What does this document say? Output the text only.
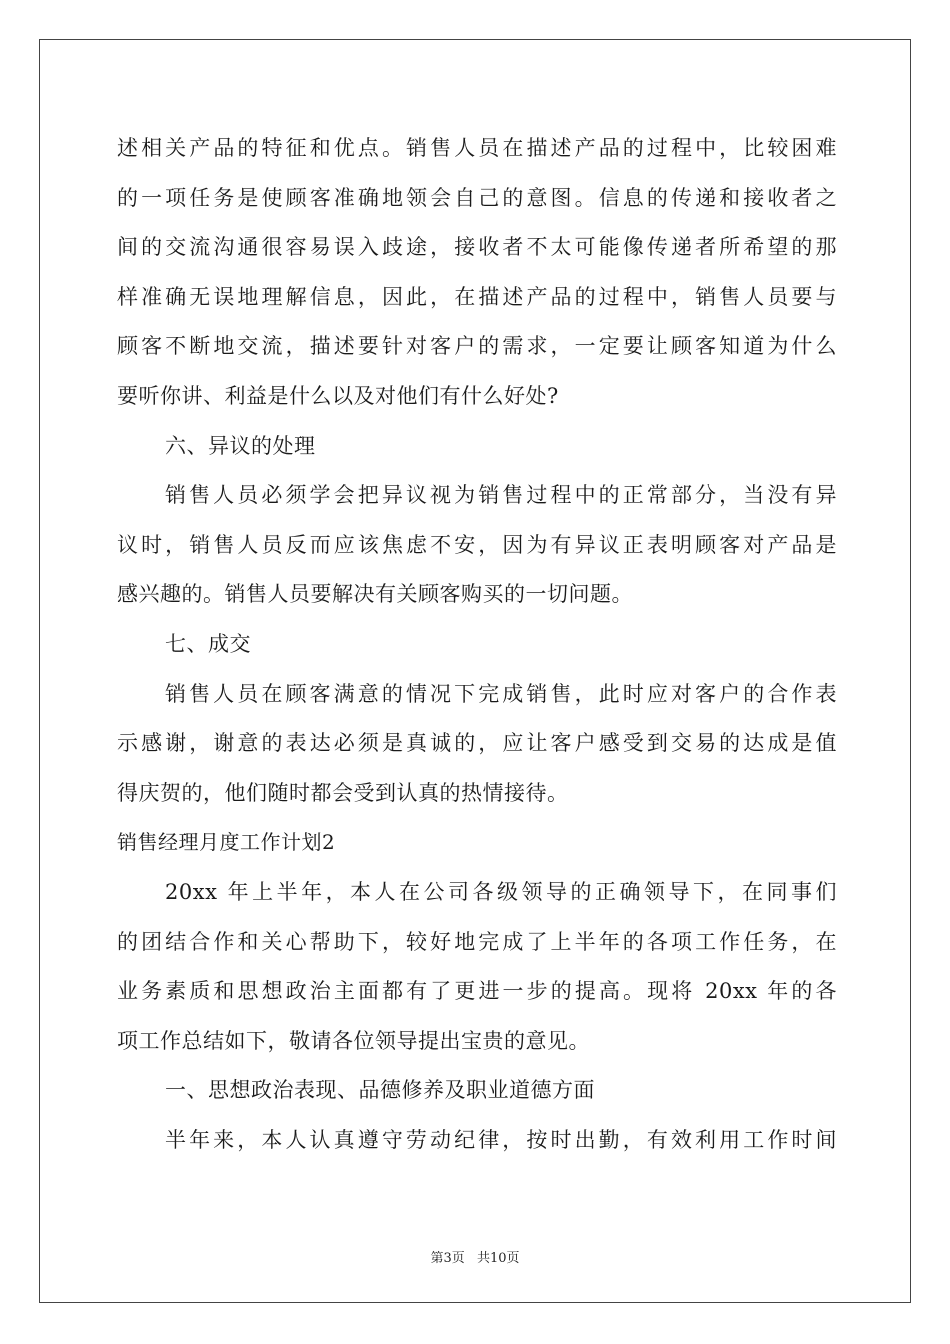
述相关产品的特征和优点。销售人员在描述产品的过程中，比较困难
的一项任务是使顾客准确地领会自己的意图。信息的传递和接收者之
间的交流沟通很容易误入歧途，接收者不太可能像传递者所希望的那
样准确无误地理解信息，因此，在描述产品的过程中，销售人员要与
顾客不断地交流，描述要针对客户的需求，一定要让顾客知道为什么
要听你讲、利益是什么以及对他们有什么好处?
六、异议的处理
销售人员必须学会把异议视为销售过程中的正常部分，当没有异
议时，销售人员反而应该焦虑不安，因为有异议正表明顾客对产品是
感兴趣的。销售人员要解决有关顾客购买的一切问题。
七、成交
销售人员在顾客满意的情况下完成销售，此时应对客户的合作表
示感谢，谢意的表达必须是真诚的，应让客户感受到交易的达成是值
得庆贺的，他们随时都会受到认真的热情接待。
销售经理月度工作计划2
20xx 年上半年，本人在公司各级领导的正确领导下，在同事们
的团结合作和关心帮助下，较好地完成了上半年的各项工作任务，在
业务素质和思想政治主面都有了更进一步的提高。现将 20xx 年的各
项工作总结如下，敬请各位领导提出宝贵的意见。
一、思想政治表现、品德修养及职业道德方面
半年来，本人认真遵守劳动纪律，按时出勤，有效利用工作时间
第3页 共10页
